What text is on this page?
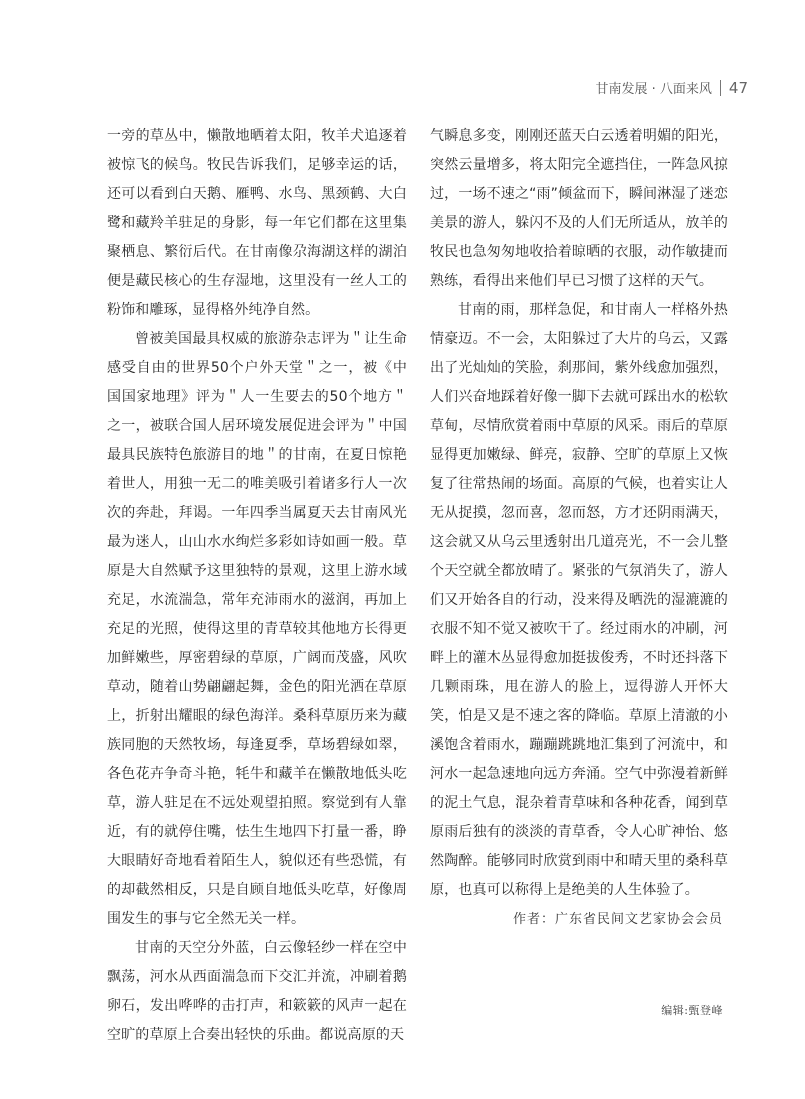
甘南发展 · 八面来风 47

一旁的草丛中，懒散地晒着太阳，牧羊犬追逐着被惊飞的候鸟。牧民告诉我们，足够幸运的话，还可以看到白天鹅、雁鸭、水鸟、黑颈鹤、大白鹭和藏羚羊驻足的身影，每一年它们都在这里集聚栖息、繁衍后代。在甘南像尕海湖这样的湖泊便是藏民核心的生存湿地，这里没有一丝人工的粉饰和雕琢，显得格外纯净自然。

曾被美国最具权威的旅游杂志评为＂让生命感受自由的世界50个户外天堂＂之一，被《中国国家地理》评为＂人一生要去的50个地方＂之一，被联合国人居环境发展促进会评为＂中国最具民族特色旅游目的地＂的甘南，在夏日惊艳着世人，用独一无二的唯美吸引着诸多行人一次次的奔赴，拜谒。一年四季当属夏天去甘南风光最为迷人，山山水水绚烂多彩如诗如画一般。草原是大自然赋予这里独特的景观，这里上游水域充足，水流湍急，常年充沛雨水的滋润，再加上充足的光照，使得这里的青草较其他地方长得更加鲜嫩些，厚密碧绿的草原，广阔而茂盛，风吹草动，随着山势翩翩起舞，金色的阳光洒在草原上，折射出耀眼的绿色海洋。桑科草原历来为藏族同胞的天然牧场，每逢夏季，草场碧绿如翠，各色花卉争奇斗艳，牦牛和藏羊在懒散地低头吃草，游人驻足在不远处观望拍照。察觉到有人靠近，有的就停住嘴，怯生生地四下打量一番，睁大眼睛好奇地看着陌生人，貌似还有些恐慌，有的却截然相反，只是自顾自地低头吃草，好像周围发生的事与它全然无关一样。

甘南的天空分外蓝，白云像轻纱一样在空中飘荡，河水从西面湍急而下交汇并流，冲刷着鹅卵石，发出哗哗的击打声，和簌簌的风声一起在空旷的草原上合奏出轻快的乐曲。都说高原的天

气瞬息多变，刚刚还蓝天白云透着明媚的阳光，突然云量增多，将太阳完全遮挡住，一阵急风掠过，一场不速之“雨”倾盆而下，瞬间淋湿了迷恋美景的游人，躲闪不及的人们无所适从，放羊的牧民也急匆匆地收拾着晾晒的衣服，动作敏捷而熟练，看得出来他们早已习惯了这样的天气。

甘南的雨，那样急促，和甘南人一样格外热情豪迈。不一会，太阳躲过了大片的乌云，又露出了光灿灿的笑脸，刹那间，紫外线愈加强烈，人们兴奋地踩着好像一脚下去就可踩出水的松软草甸，尽情欣赏着雨中草原的风采。雨后的草原显得更加嫩绿、鲜亮，寂静、空旷的草原上又恢复了往常热闹的场面。高原的气候，也着实让人无从捉摸，忽而喜，忽而怒，方才还阴雨满天，这会就又从乌云里透射出几道亮光，不一会儿整个天空就全都放晴了。紧张的气氛消失了，游人们又开始各自的行动，没来得及晒洗的湿漉漉的衣服不知不觉又被吹干了。经过雨水的冲刷，河畔上的灌木丛显得愈加挺拔俊秀，不时还抖落下几颗雨珠，甩在游人的脸上，逗得游人开怀大笑，怕是又是不速之客的降临。草原上清澈的小溪饱含着雨水，蹦蹦跳跳地汇集到了河流中，和河水一起急速地向远方奔涌。空气中弥漫着新鲜的泥土气息，混杂着青草味和各种花香，闻到草原雨后独有的淡淡的青草香，令人心旷神怡、悠然陶醉。能够同时欣赏到雨中和晴天里的桑科草原，也真可以称得上是绝美的人生体验了。

作者：广东省民间文艺家协会会员
编辑:甄登峰
